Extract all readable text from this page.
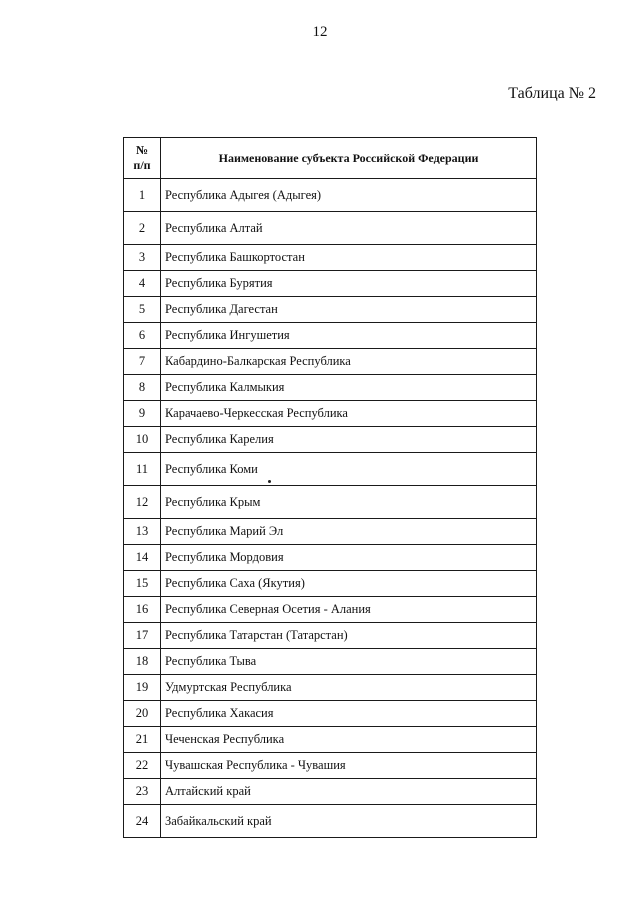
12
Таблица № 2
№
п/п	Наименование субъекта Российской Федерации
1	Республика Адыгея (Адыгея)
2	Республика Алтай
3	Республика Башкортостан
4	Республика Бурятия
5	Республика Дагестан
6	Республика Ингушетия
7	Кабардино-Балкарская Республика
8	Республика Калмыкия
9	Карачаево-Черкесская Республика
10	Республика Карелия
11	Республика Коми
12	Республика Крым
13	Республика Марий Эл
14	Республика Мордовия
15	Республика Саха (Якутия)
16	Республика Северная Осетия - Алания
17	Республика Татарстан (Татарстан)
18	Республика Тыва
19	Удмуртская Республика
20	Республика Хакасия
21	Чеченская Республика
22	Чувашская Республика - Чувашия
23	Алтайский край
24	Забайкальский край
